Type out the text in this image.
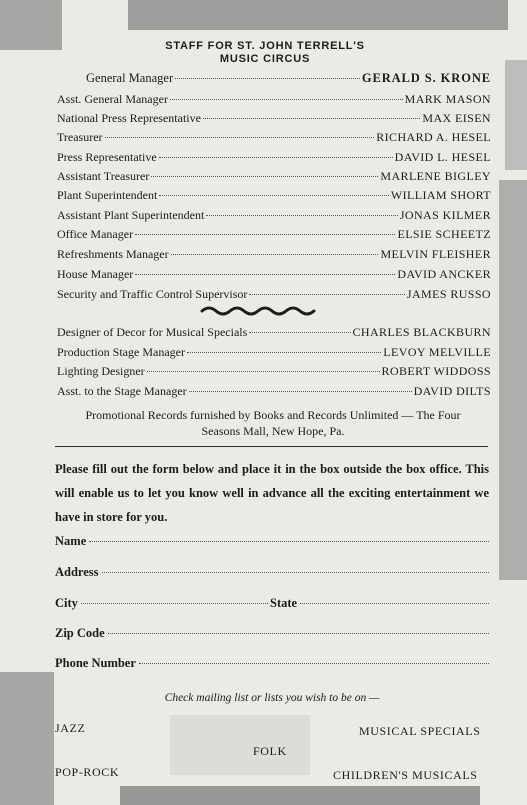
STAFF FOR ST. JOHN TERRELL'S
MUSIC CIRCUS
General Manager	GERALD S. KRONE
Asst. General Manager	MARK MASON
National Press Representative	MAX EISEN
Treasurer	RICHARD A. HESEL
Press Representative	DAVID L. HESEL
Assistant Treasurer	MARLENE BIGLEY
Plant Superintendent	WILLIAM SHORT
Assistant Plant Superintendent	JONAS KILMER
Office Manager	ELSIE SCHEETZ
Refreshments Manager	MELVIN FLEISHER
House Manager	DAVID ANCKER
Security and Traffic Control Supervisor	JAMES RUSSO
Designer of Decor for Musical Specials	CHARLES BLACKBURN
Production Stage Manager	LEVOY MELVILLE
Lighting Designer	ROBERT WIDDOSS
Asst. to the Stage Manager	DAVID DILTS
Promotional Records furnished by Books and Records Unlimited — The Four
Seasons Mall, New Hope, Pa.
Please fill out the form below and place it in the box outside the box office. This will enable us to let you know well in advance all the exciting entertainment we have in store for you.
Name
Address
City	State
Zip Code
Phone Number
Check mailing list or lists you wish to be on —
JAZZ	MUSICAL SPECIALS
FOLK
POP-ROCK	CHILDREN'S MUSICALS
